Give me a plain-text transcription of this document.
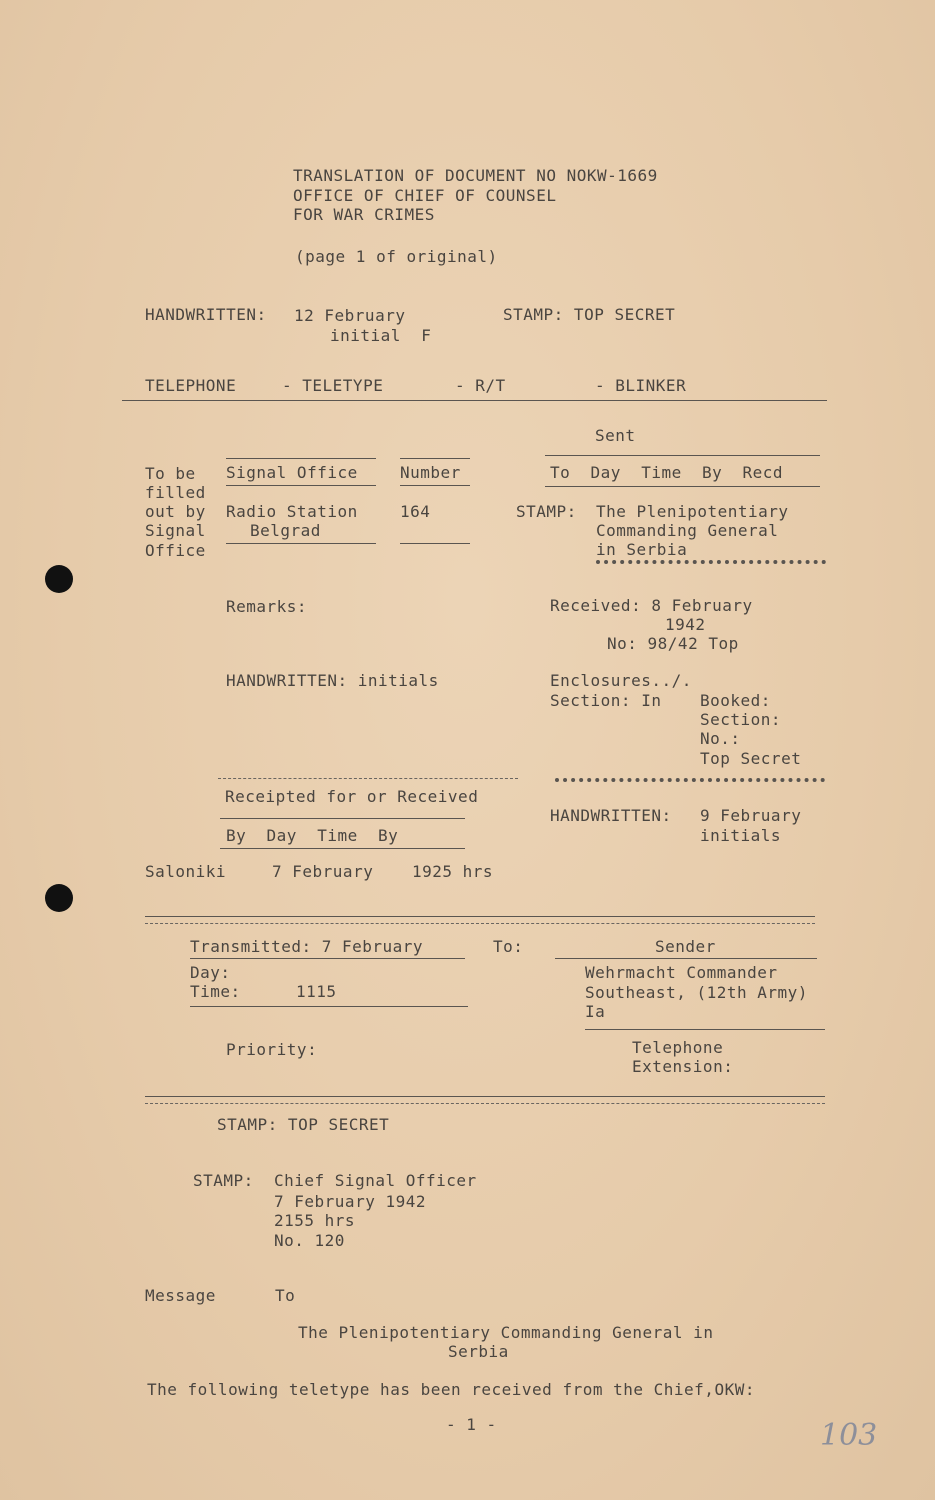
TRANSLATION OF DOCUMENT NO NOKW-1669
OFFICE OF CHIEF OF COUNSEL
FOR WAR CRIMES
(page 1 of original)
HANDWRITTEN: 12 February
initial  F
STAMP: TOP SECRET
TELEPHONE	- TELETYPE	- R/T	- BLINKER
To be
filled
out by
Signal
Office
Signal Office	Number
Radio Station
Belgrad
164
Sent
To  Day  Time  By  Recd
STAMP: The Plenipotentiary
Commanding General
in Serbia
Remarks:
HANDWRITTEN: initials
Received: 8 February
1942
No: 98/42 Top
Enclosures../.
Section: In Booked:
Section:
No.:
Top Secret
HANDWRITTEN: 9 February
initials
Receipted for or Received
By  Day  Time  By
Saloniki	7 February 1925 hrs
Transmitted: 7 February
Day:
Time:	1115
To:	Sender
Wehrmacht Commander
Southeast, (12th Army)
Ia
Priority:	Telephone
Extension:
STAMP: TOP SECRET
STAMP: Chief Signal Officer
7 February 1942
2155 hrs
No. 120
Message	To
The Plenipotentiary Commanding General in
Serbia
The following teletype has been received from the Chief,OKW:
- 1 -	103
